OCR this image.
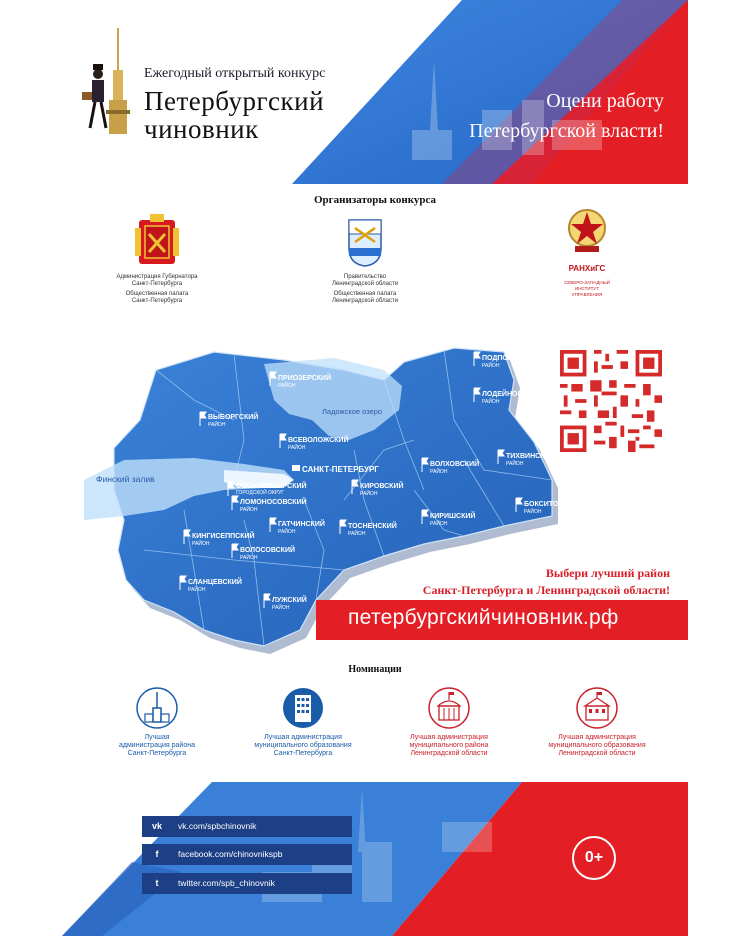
Ежегодный открытый конкурс
Петербургский
чиновник
Оцени работу
Петербургской власти!
Организаторы конкурса
Администрация Губернатора
Санкт-Петербурга
Общественная палата
Санкт-Петербурга
Правительство
Ленинградской области
Общественная палата
Ленинградской области
РАНХиГС
СЕВЕРО-ЗАПАДНЫЙ
ИНСТИТУТ
УПРАВЛЕНИЯ
Ладожское озеро
Финский залив
САНКТ-ПЕТЕРБУРГ
ПОДПОРОЖСКИЙ
РАЙОН
ПРИОЗЕРСКИЙ
РАЙОН
ВЫБОРГСКИЙ
РАЙОН
ЛОДЕЙНОПОЛЬСКИЙ
РАЙОН
ВСЕВОЛОЖСКИЙ
РАЙОН
ВОЛХОВСКИЙ
РАЙОН
ТИХВИНСКИЙ
РАЙОН
СОСНОВОБОРСКИЙ
ГОРОДСКОЙ ОКРУГ
КИРОВСКИЙ
РАЙОН
ЛОМОНОСОВСКИЙ
РАЙОН
БОКСИТОГОРСКИЙ
РАЙОН
КИРИШСКИЙ
РАЙОН
ГАТЧИНСКИЙ
РАЙОН
ТОСНЕНСКИЙ
РАЙОН
КИНГИСЕППСКИЙ
РАЙОН
ВОЛОСОВСКИЙ
РАЙОН
СЛАНЦЕВСКИЙ
РАЙОН
ЛУЖСКИЙ
РАЙОН
Выбери лучший район
Санкт-Петербурга и Ленинградской области!
петербургскийчиновник.рф
Номинации
Лучшая
администрация района
Санкт-Петербурга
Лучшая администрация
муниципального образования
Санкт-Петербурга
Лучшая администрация
муниципального района
Ленинградской области
Лучшая администрация
муниципального образования
Ленинградской области
vk vk.com/spbchinovnik
f	facebook.com/chinovnikspb
t	twitter.com/spb_chinovnik
0+
